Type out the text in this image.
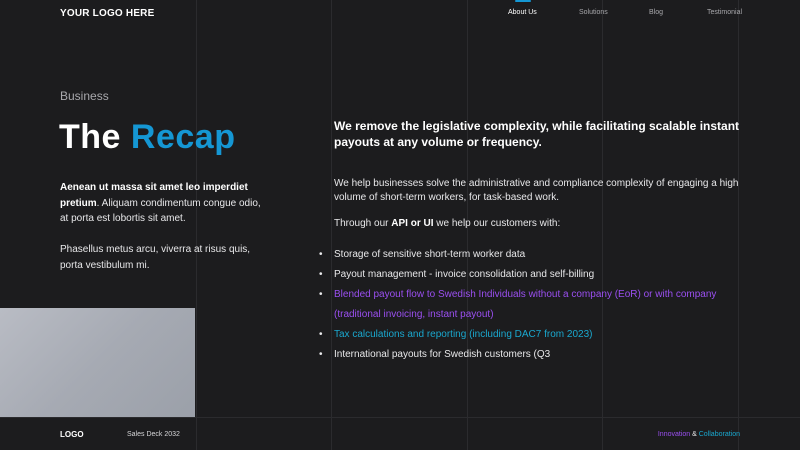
YOUR LOGO HERE	About Us	Solutions	Blog	Testimonial
Business
The Recap

Aenean ut massa sit amet leo imperdiet pretium. Aliquam condimentum congue odio, at porta est lobortis sit amet.

Phasellus metus arcu, viverra at risus quis, porta vestibulum mi.

We remove the legislative complexity, while facilitating scalable instant payouts at any volume or frequency.

We help businesses solve the administrative and compliance complexity of engaging a high volume of short-term workers, for task-based work.

Through our API or UI we help our customers with:

• Storage of sensitive short-term worker data
• Payout management - invoice consolidation and self-billing
• Blended payout flow to Swedish Individuals without a company (EoR) or with company (traditional invoicing, instant payout)
• Tax calculations and reporting (including DAC7 from 2023)
• International payouts for Swedish customers (Q3
LOGO	Sales Deck 2032	Innovation & Collaboration
